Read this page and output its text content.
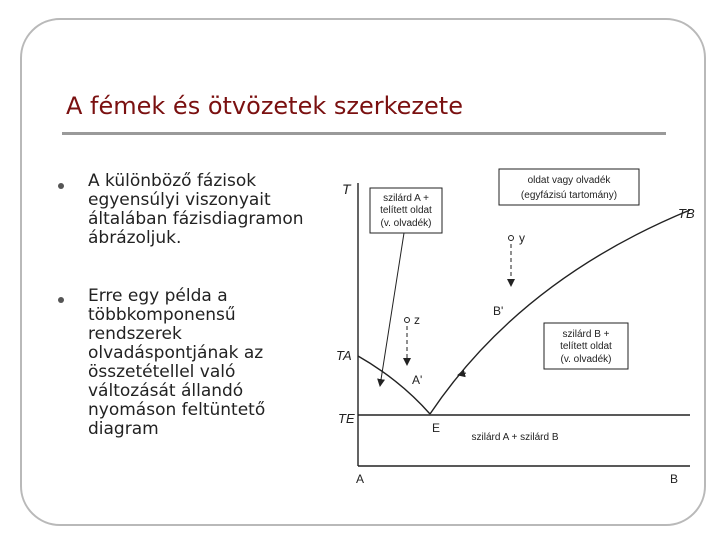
A fémek és ötvözetek szerkezete
A különböző fázisok
egyensúlyi viszonyait
általában fázisdiagramon
ábrázoljuk.
Erre egy példa a
többkomponensű
rendszerek
olvadáspontjának az
összetétellel való
változását állandó
nyomáson feltüntető
diagram
T
A	B
TA
TB
TE
oldat vagy olvadék
(egyfázisú tartomány)
szilárd A +
telített oldat
(v. olvadék)
szilárd B +
telített oldat
(v. olvadék)
szilárd A + szilárd B
y
z
A'
B'
E
